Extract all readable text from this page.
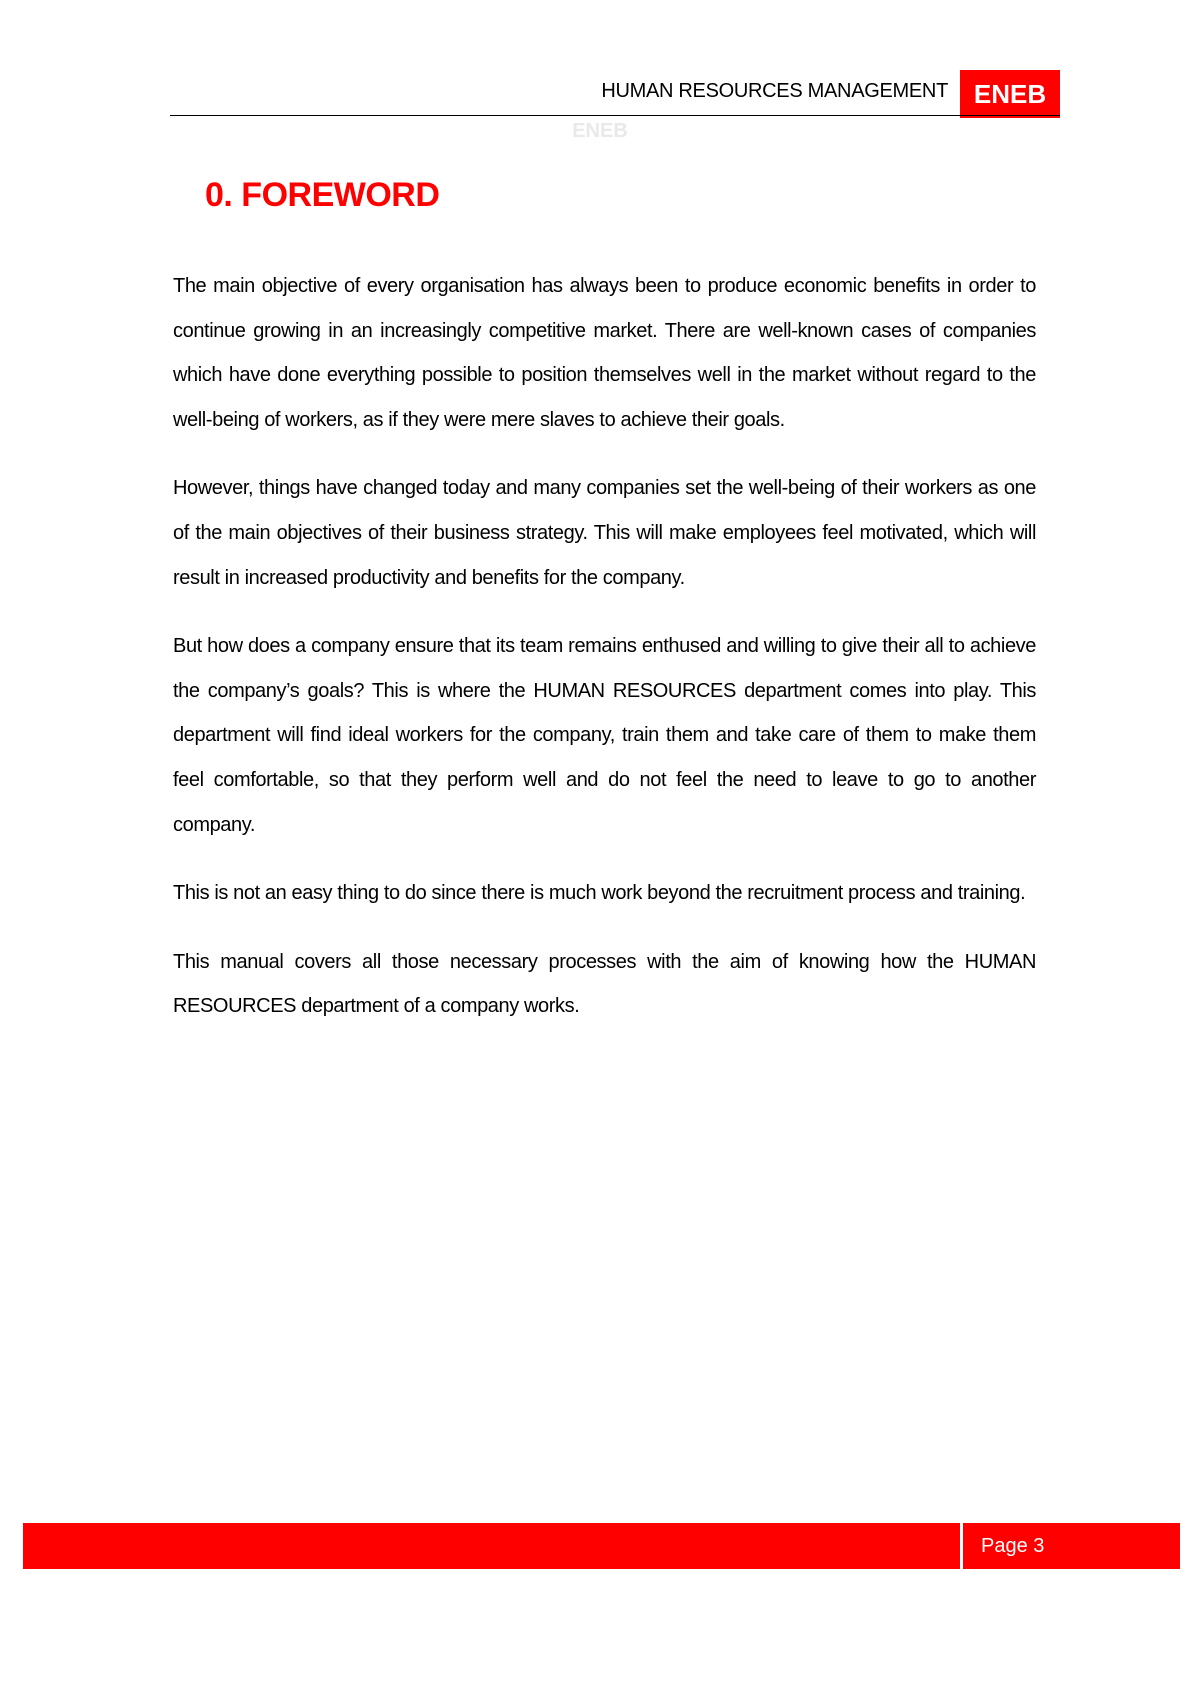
HUMAN RESOURCES MANAGEMENT ENEB
ENEB
0. FOREWORD

The main objective of every organisation has always been to produce economic benefits in order to continue growing in an increasingly competitive market. There are well-known cases of companies which have done everything possible to position themselves well in the market without regard to the well-being of workers, as if they were mere slaves to achieve their goals.

However, things have changed today and many companies set the well-being of their workers as one of the main objectives of their business strategy. This will make employees feel motivated, which will result in increased productivity and benefits for the company.

But how does a company ensure that its team remains enthused and willing to give their all to achieve the company’s goals? This is where the HUMAN RESOURCES department comes into play. This department will find ideal workers for the company, train them and take care of them to make them feel comfortable, so that they perform well and do not feel the need to leave to go to another company.

This is not an easy thing to do since there is much work beyond the recruitment process and training.

This manual covers all those necessary processes with the aim of knowing how the HUMAN RESOURCES department of a company works.

Page 3
